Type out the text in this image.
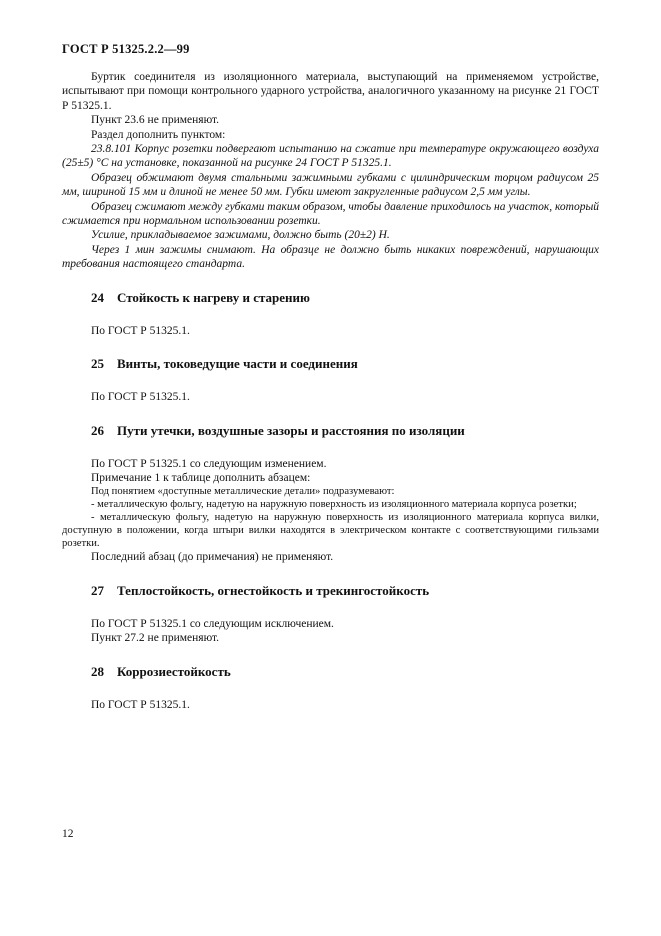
ГОСТ Р 51325.2.2—99

Буртик соединителя из изоляционного материала, выступающий на применяемом устройстве, испытывают при помощи контрольного ударного устройства, аналогичного указанному на рисунке 21 ГОСТ Р 51325.1.

Пункт 23.6 не применяют.

Раздел дополнить пунктом:

23.8.101 Корпус розетки подвергают испытанию на сжатие при температуре окружающего воздуха (25±5) °С на установке, показанной на рисунке 24 ГОСТ Р 51325.1.

Образец обжимают двумя стальными зажимными губками с цилиндрическим торцом радиусом 25 мм, шириной 15 мм и длиной не менее 50 мм. Губки имеют закругленные радиусом 2,5 мм углы.

Образец сжимают между губками таким образом, чтобы давление приходилось на участок, который сжимается при нормальном использовании розетки.

Усилие, прикладываемое зажимами, должно быть (20±2) Н.

Через 1 мин зажимы снимают. На образце не должно быть никаких повреждений, нарушающих требования настоящего стандарта.

24	Стойкость к нагреву и старению

По ГОСТ Р 51325.1.

25	Винты, токоведущие части и соединения

По ГОСТ Р 51325.1.

26	Пути утечки, воздушные зазоры и расстояния по изоляции

По ГОСТ Р 51325.1 со следующим изменением.

Примечание 1 к таблице дополнить абзацем:

Под понятием «доступные металлические детали» подразумевают:

- металлическую фольгу, надетую на наружную поверхность из изоляционного материала корпуса розетки;

- металлическую фольгу, надетую на наружную поверхность из изоляционного материала корпуса вилки, доступную в положении, когда штыри вилки находятся в электрическом контакте с соответствующими гильзами розетки.

Последний абзац (до примечания) не применяют.

27	Теплостойкость, огнестойкость и трекингостойкость

По ГОСТ Р 51325.1 со следующим исключением.

Пункт 27.2 не применяют.

28	Коррозиестойкость

По ГОСТ Р 51325.1.

12
